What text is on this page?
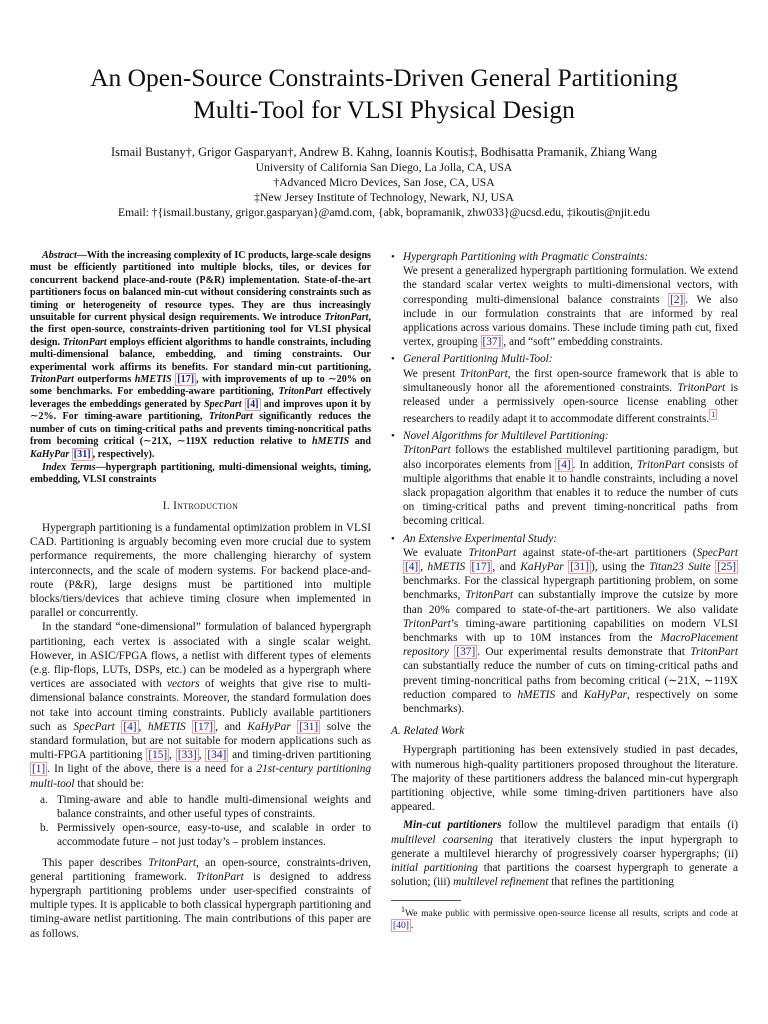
An Open-Source Constraints-Driven General Partitioning
Multi-Tool for VLSI Physical Design
Ismail Bustany†, Grigor Gasparyan†, Andrew B. Kahng, Ioannis Koutis‡, Bodhisatta Pramanik, Zhiang Wang
University of California San Diego, La Jolla, CA, USA
†Advanced Micro Devices, San Jose, CA, USA
‡New Jersey Institute of Technology, Newark, NJ, USA
Email: †{ismail.bustany, grigor.gasparyan}@amd.com, {abk, bopramanik, zhw033}@ucsd.edu, ‡ikoutis@njit.edu

Abstract—With the increasing complexity of IC products, large-scale designs must be efficiently partitioned into multiple blocks, tiles, or devices for concurrent backend place-and-route (P&R) implementation. State-of-the-art partitioners focus on balanced min-cut without considering constraints such as timing or heterogeneity of resource types. They are thus increasingly unsuitable for current physical design requirements. We introduce TritonPart, the first open-source, constraints-driven partitioning tool for VLSI physical design. TritonPart employs efficient algorithms to handle constraints, including multi-dimensional balance, embedding, and timing constraints. Our experimental work affirms its benefits. For standard min-cut partitioning, TritonPart outperforms hMETIS [17] , with improvements of up to ∼20% on some benchmarks. For embedding-aware partitioning, TritonPart effectively leverages the embeddings generated by SpecPart [4] and improves upon it by ∼2%. For timing-aware partitioning, TritonPart significantly reduces the number of cuts on timing-critical paths and prevents timing-noncritical paths from becoming critical (∼21X, ∼119X reduction relative to hMETIS and KaHyPar [31] , respectively).

Index Terms—hypergraph partitioning, multi-dimensional weights, timing, embedding, VLSI constraints

I. Introduction

Hypergraph partitioning is a fundamental optimization problem in VLSI CAD. Partitioning is arguably becoming even more crucial due to system performance requirements, the more challenging hierarchy of system interconnects, and the scale of modern systems. For backend place-and-route (P&R), large designs must be partitioned into multiple blocks/tiers/devices that achieve timing closure when implemented in parallel or concurrently.

In the standard “one-dimensional” formulation of balanced hypergraph partitioning, each vertex is associated with a single scalar weight. However, in ASIC/FPGA flows, a netlist with different types of elements (e.g. flip-flops, LUTs, DSPs, etc.) can be modeled as a hypergraph where vertices are associated with vectors of weights that give rise to multi-dimensional balance constraints. Moreover, the standard formulation does not take into account timing constraints. Publicly available partitioners such as SpecPart [4] , hMETIS [17] , and KaHyPar [31] solve the standard formulation, but are not suitable for modern applications such as multi-FPGA partitioning [15] , [33] , [34] and timing-driven partitioning [1] . In light of the above, there is a need for a 21st-century partitioning multi-tool that should be:

a. Timing-aware and able to handle multi-dimensional weights and balance constraints, and other useful types of constraints.
b. Permissively open-source, easy-to-use, and scalable in order to accommodate future – not just today’s – problem instances.

This paper describes TritonPart, an open-source, constraints-driven, general partitioning framework. TritonPart is designed to address hypergraph partitioning problems under user-specified constraints of multiple types. It is applicable to both classical hypergraph partitioning and timing-aware netlist partitioning. The main contributions of this paper are as follows.

• Hypergraph Partitioning with Pragmatic Constraints:
We present a generalized hypergraph partitioning formulation. We extend the standard scalar vertex weights to multi-dimensional vectors, with corresponding multi-dimensional balance constraints [2] . We also include in our formulation constraints that are informed by real applications across various domains. These include timing path cut, fixed vertex, grouping [37] , and “soft” embedding constraints.
• General Partitioning Multi-Tool:
We present TritonPart, the first open-source framework that is able to simultaneously honor all the aforementioned constraints. TritonPart is released under a permissively open-source license enabling other researchers to readily adapt it to accommodate different constraints. $^1$
• Novel Algorithms for Multilevel Partitioning:
TritonPart follows the established multilevel partitioning paradigm, but also incorporates elements from [4] . In addition, TritonPart consists of multiple algorithms that enable it to handle constraints, including a novel slack propagation algorithm that enables it to reduce the number of cuts on timing-critical paths and prevent timing-noncritical paths from becoming critical.
• An Extensive Experimental Study:
We evaluate TritonPart against state-of-the-art partitioners (SpecPart [4] , hMETIS [17] , and KaHyPar [31] ), using the Titan23 Suite [25] benchmarks. For the classical hypergraph partitioning problem, on some benchmarks, TritonPart can substantially improve the cutsize by more than 20% compared to state-of-the-art partitioners. We also validate TritonPart’s timing-aware partitioning capabilities on modern VLSI benchmarks with up to 10M instances from the MacroPlacement repository [37] . Our experimental results demonstrate that TritonPart can substantially reduce the number of cuts on timing-critical paths and prevent timing-noncritical paths from becoming critical (∼21X, ∼119X reduction compared to hMETIS and KaHyPar, respectively on some benchmarks).
A. Related Work

Hypergraph partitioning has been extensively studied in past decades, with numerous high-quality partitioners proposed throughout the literature. The majority of these partitioners address the balanced min-cut hypergraph partitioning objective, while some timing-driven partitioners have also appeared.

Min-cut partitioners follow the multilevel paradigm that entails (i) multilevel coarsening that iteratively clusters the input hypergraph to generate a multilevel hierarchy of progressively coarser hypergraphs; (ii) initial partitioning that partitions the coarsest hypergraph to generate a solution; (iii) multilevel refinement that refines the partitioning

$^1$We make public with permissive open-source license all results, scripts and code at [40] .
